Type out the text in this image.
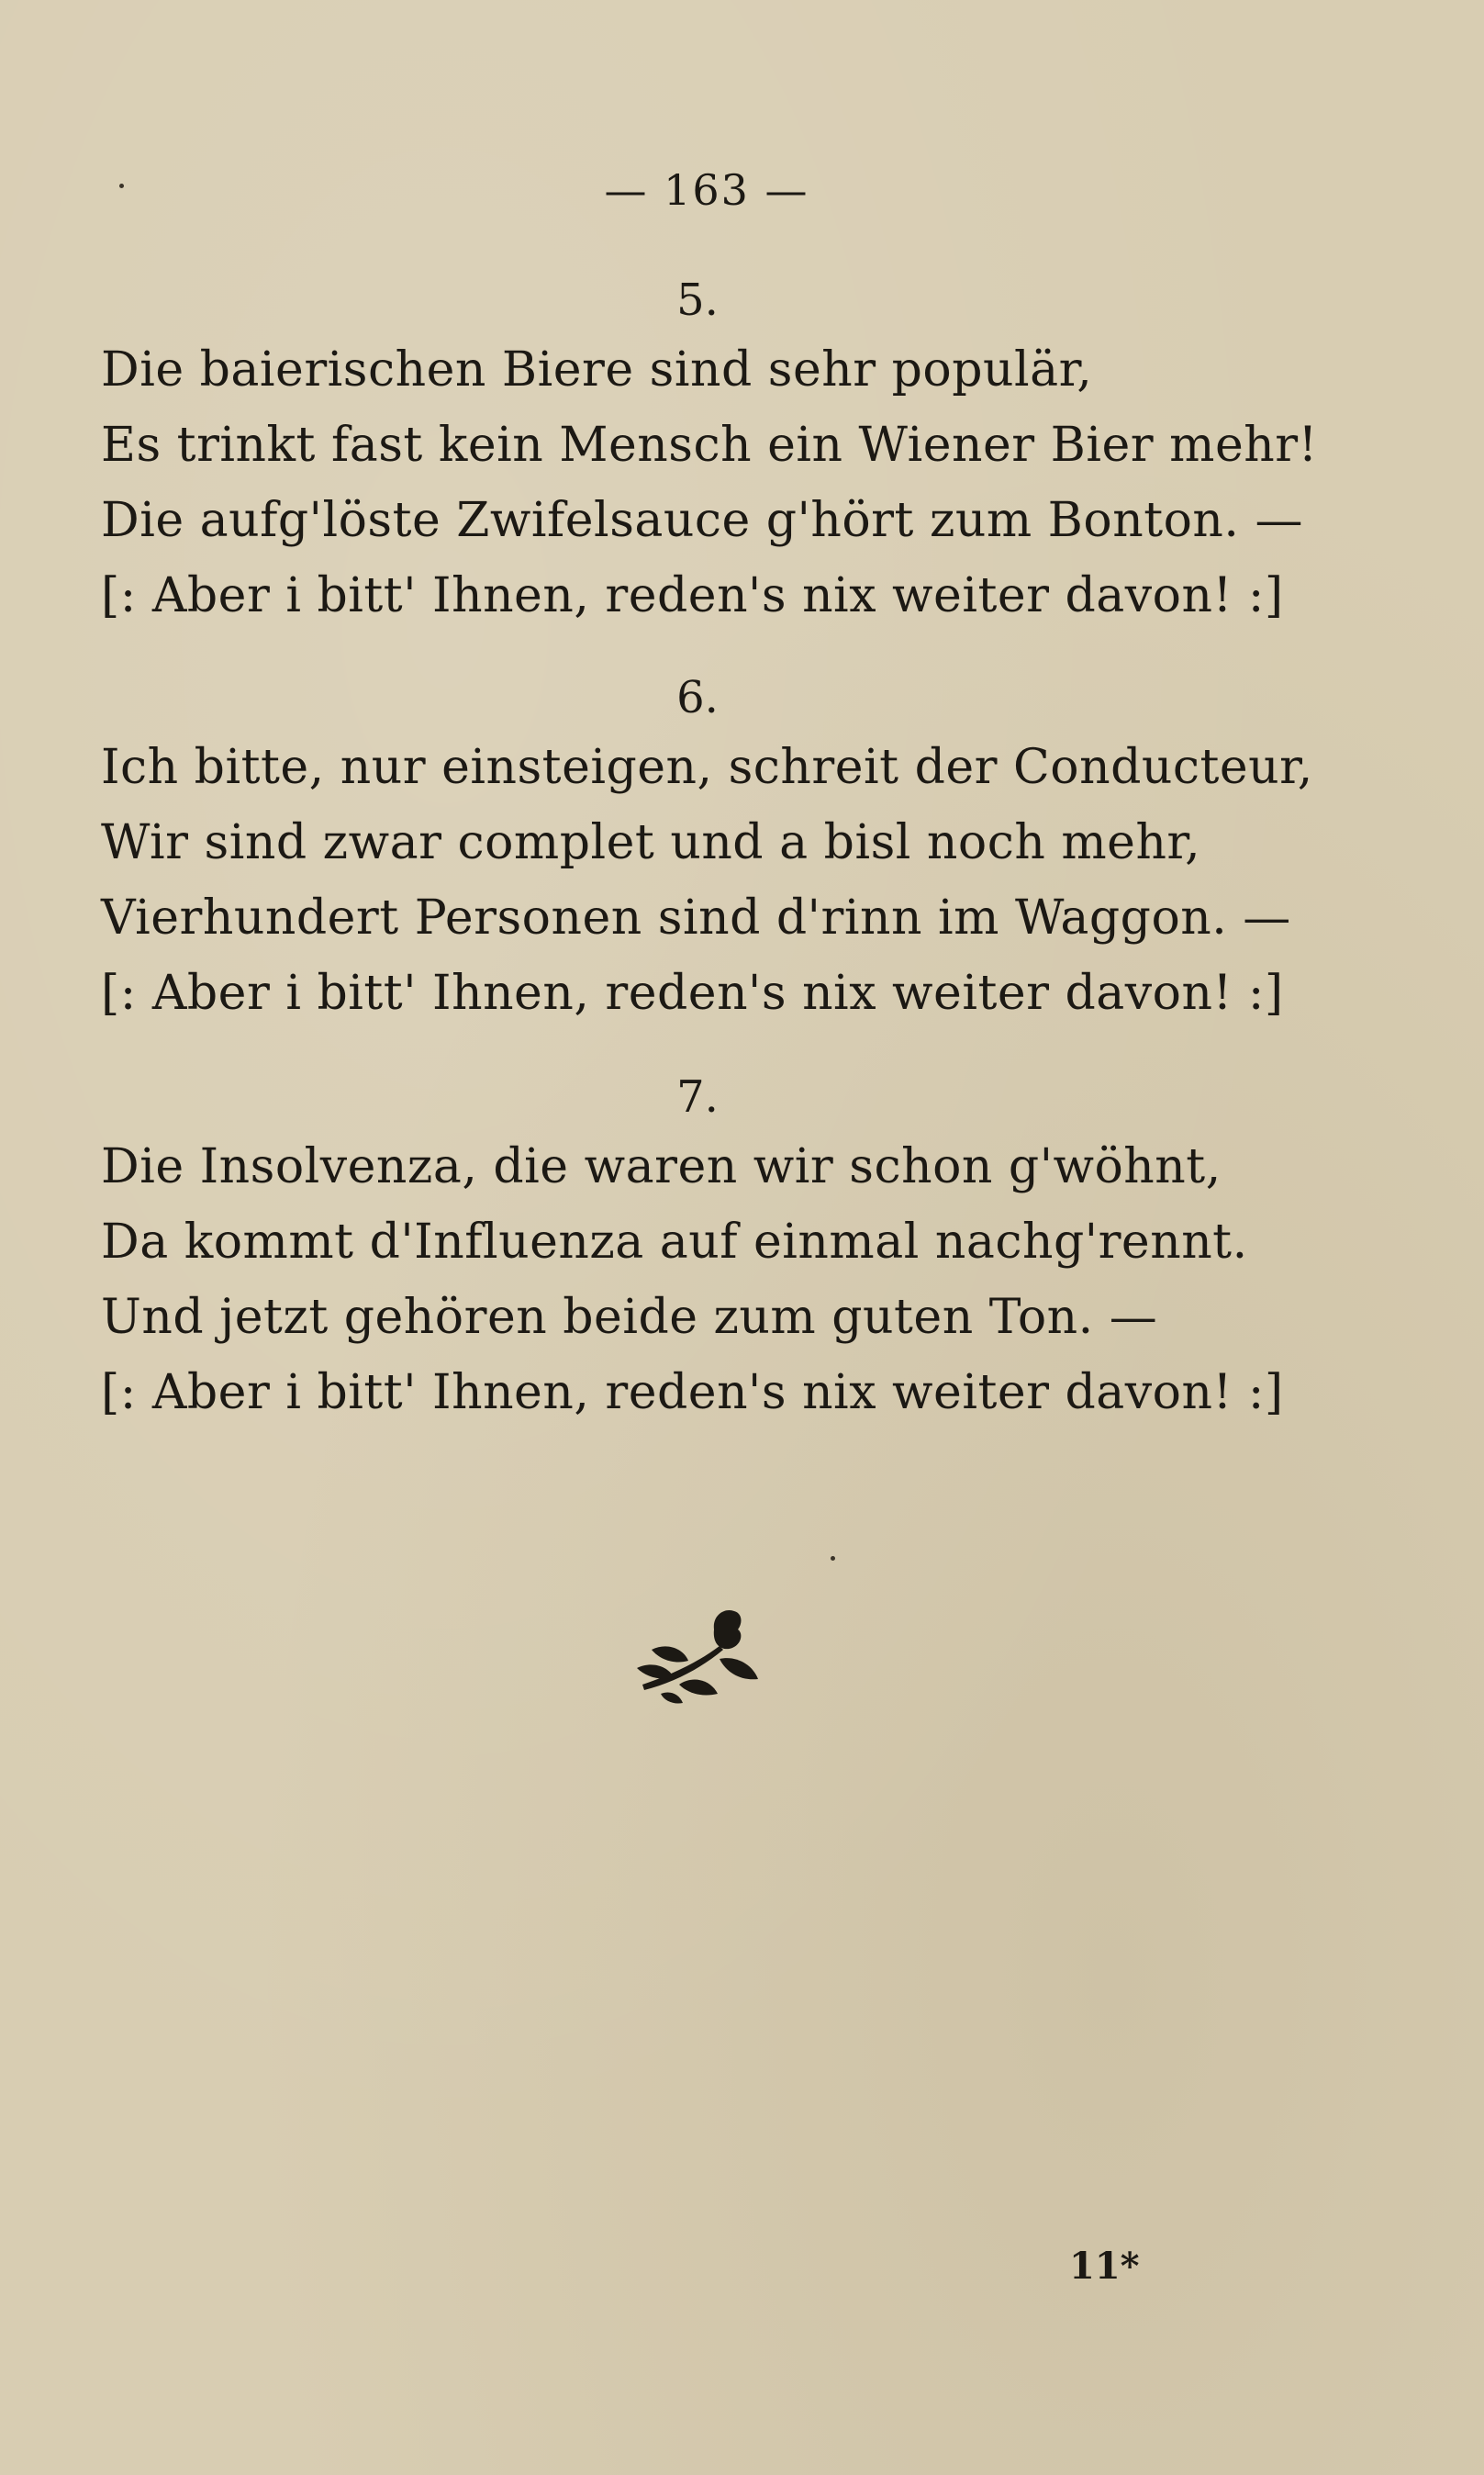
— 163 —
5.
Die baierischen Biere sind sehr populär,
Es trinkt fast kein Mensch ein Wiener Bier mehr!
Die aufg'löste Zwifelsauce g'hört zum Bonton. —
[: Aber i bitt' Ihnen, reden's nix weiter davon! :]
6.
Ich bitte, nur einsteigen, schreit der Conducteur,
Wir sind zwar complet und a bisl noch mehr,
Vierhundert Personen sind d'rinn im Waggon. —
[: Aber i bitt' Ihnen, reden's nix weiter davon! :]
7.
Die Insolvenza, die waren wir schon g'wöhnt,
Da kommt d'Influenza auf einmal nachg'rennt.
Und jetzt gehören beide zum guten Ton. —
[: Aber i bitt' Ihnen, reden's nix weiter davon! :]
11*
